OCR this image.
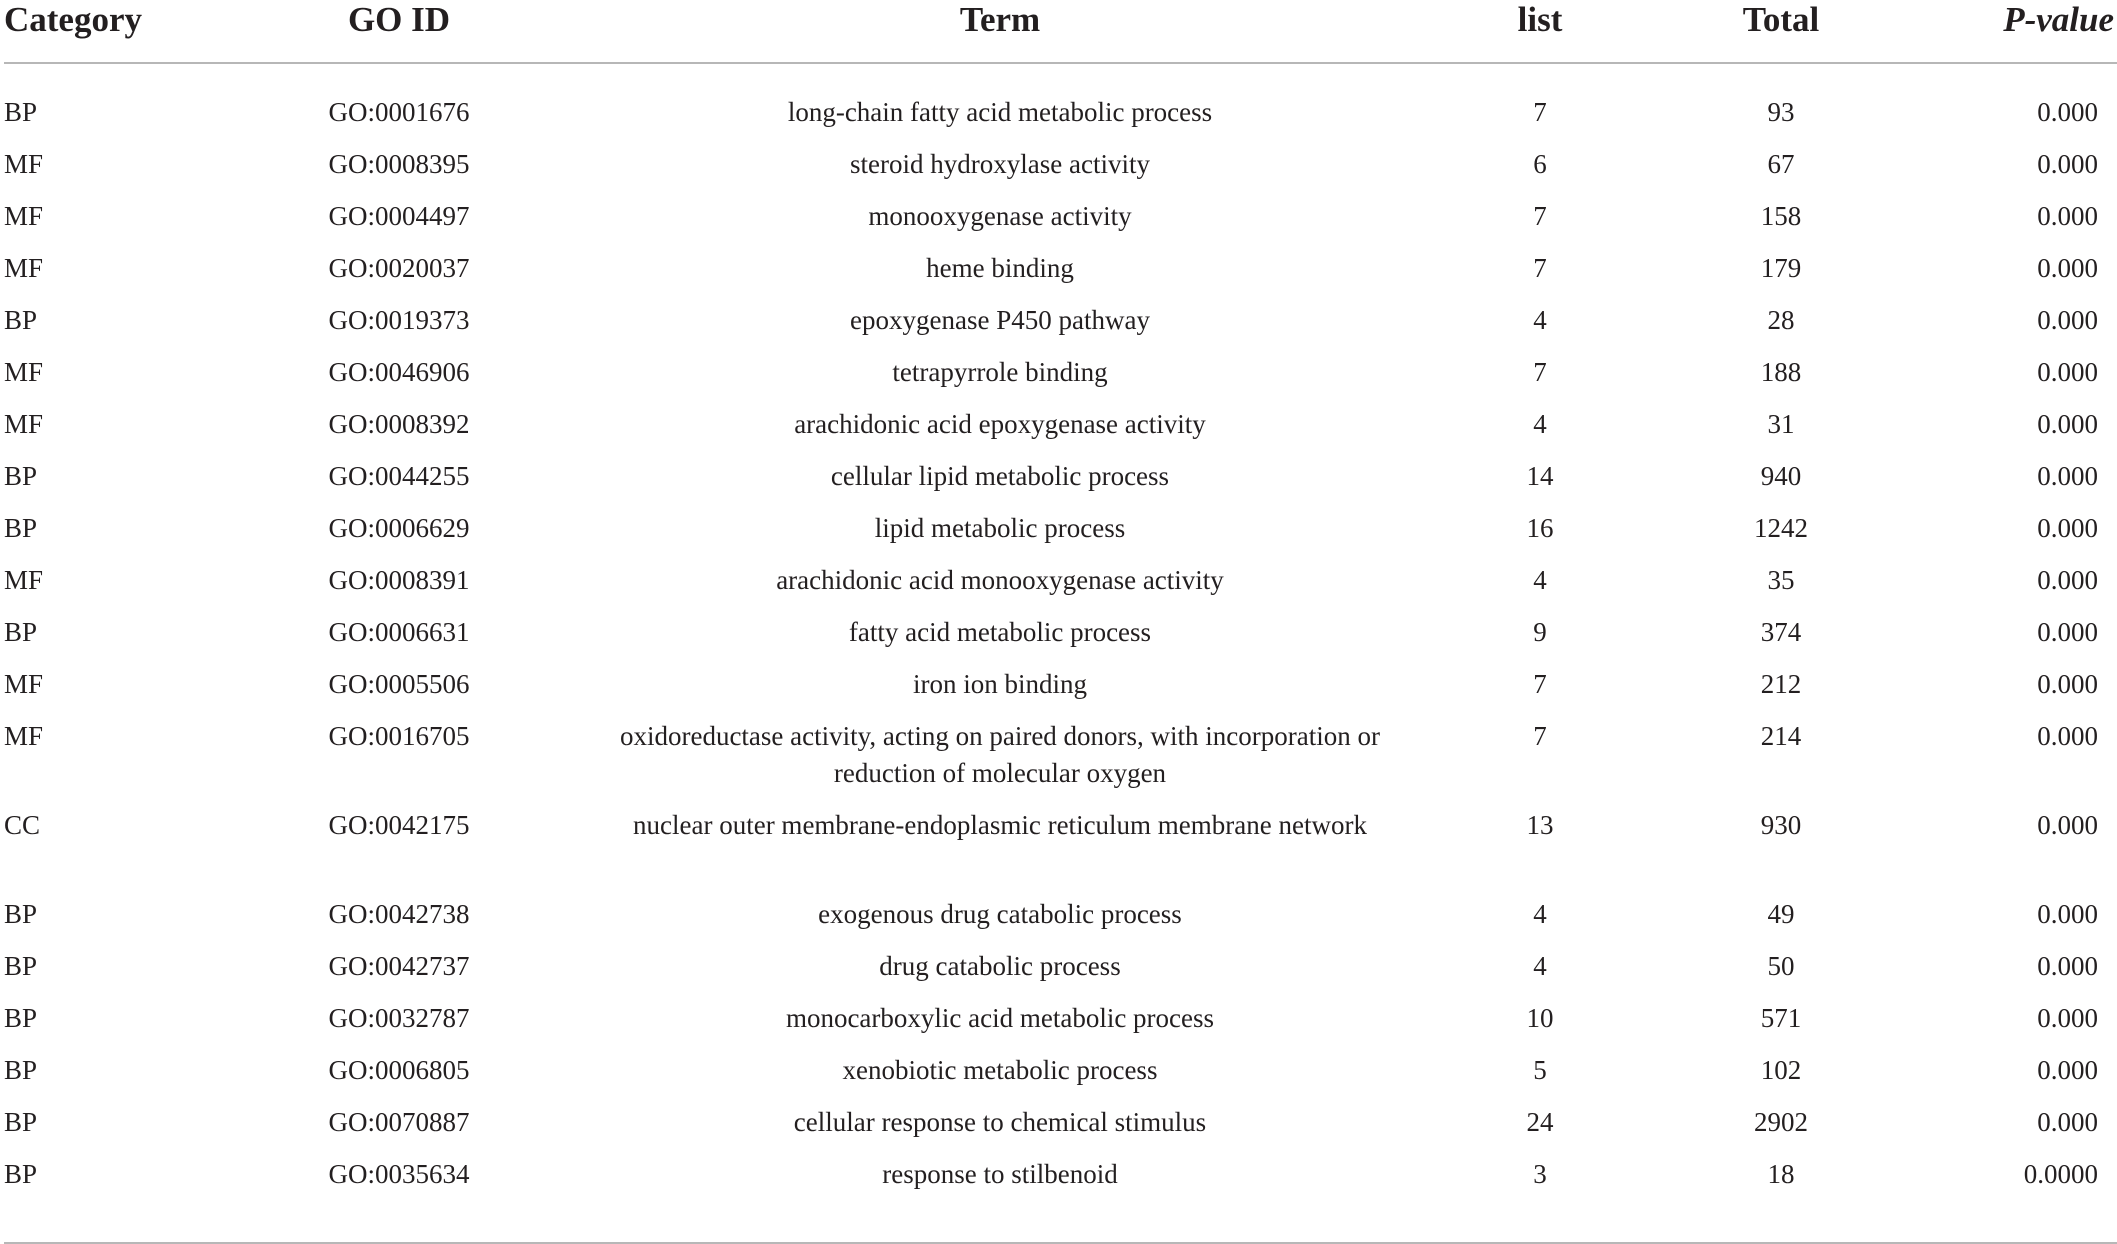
Category	GO ID	Term	list	Total	P-value
BP	GO:0001676	long-chain fatty acid metabolic process	7	93	0.000
MF	GO:0008395	steroid hydroxylase activity	6	67	0.000
MF	GO:0004497	monooxygenase activity	7	158	0.000
MF	GO:0020037	heme binding	7	179	0.000
BP	GO:0019373	epoxygenase P450 pathway	4	28	0.000
MF	GO:0046906	tetrapyrrole binding	7	188	0.000
MF	GO:0008392	arachidonic acid epoxygenase activity	4	31	0.000
BP	GO:0044255	cellular lipid metabolic process	14	940	0.000
BP	GO:0006629	lipid metabolic process	16	1242	0.000
MF	GO:0008391	arachidonic acid monooxygenase activity	4	35	0.000
BP	GO:0006631	fatty acid metabolic process	9	374	0.000
MF	GO:0005506	iron ion binding	7	212	0.000
MF	GO:0016705	oxidoreductase activity, acting on paired donors, with incorporation or reduction of molecular oxygen	7	214	0.000
CC	GO:0042175	nuclear outer membrane-endoplasmic reticulum membrane network	13	930	0.000
BP	GO:0042738	exogenous drug catabolic process	4	49	0.000
BP	GO:0042737	drug catabolic process	4	50	0.000
BP	GO:0032787	monocarboxylic acid metabolic process	10	571	0.000
BP	GO:0006805	xenobiotic metabolic process	5	102	0.000
BP	GO:0070887	cellular response to chemical stimulus	24	2902	0.000
BP	GO:0035634	response to stilbenoid	3	18	0.0000
